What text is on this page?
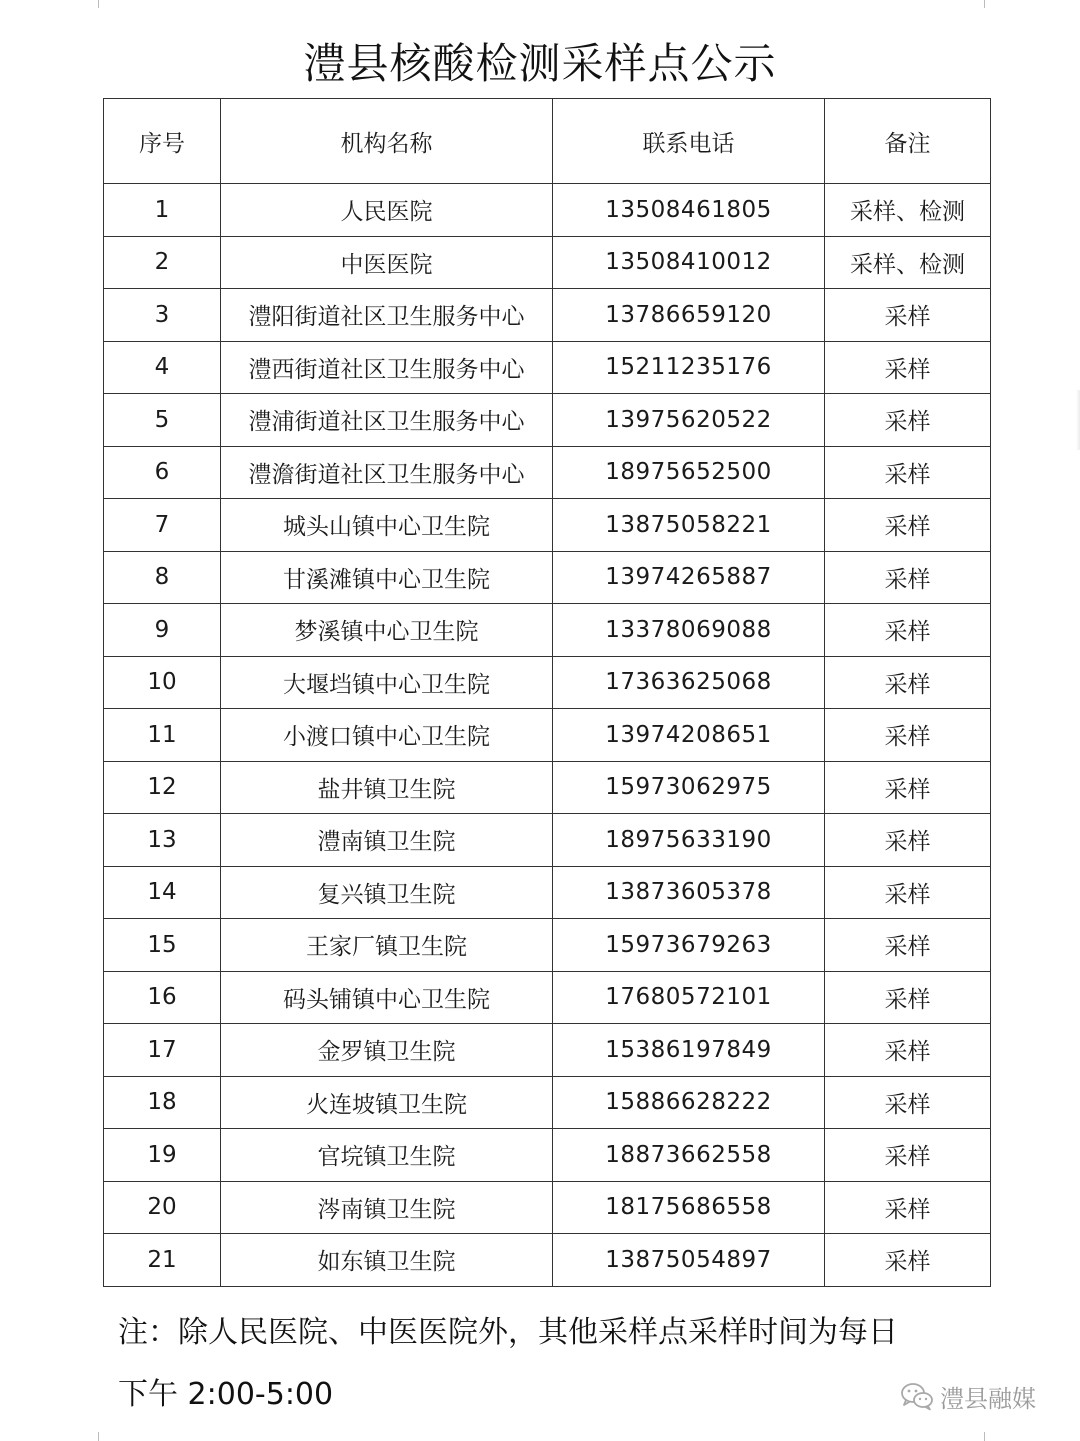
澧县核酸检测采样点公示
序号	机构名称	联系电话	备注
1	人民医院	13508461805	采样、检测
2	中医医院	13508410012	采样、检测
3	澧阳街道社区卫生服务中心	13786659120	采样
4	澧西街道社区卫生服务中心	15211235176	采样
5	澧浦街道社区卫生服务中心	13975620522	采样
6	澧澹街道社区卫生服务中心	18975652500	采样
7	城头山镇中心卫生院	13875058221	采样
8	甘溪滩镇中心卫生院	13974265887	采样
9	梦溪镇中心卫生院	13378069088	采样
10	大堰垱镇中心卫生院	17363625068	采样
11	小渡口镇中心卫生院	13974208651	采样
12	盐井镇卫生院	15973062975	采样
13	澧南镇卫生院	18975633190	采样
14	复兴镇卫生院	13873605378	采样
15	王家厂镇卫生院	15973679263	采样
16	码头铺镇中心卫生院	17680572101	采样
17	金罗镇卫生院	15386197849	采样
18	火连坡镇卫生院	15886628222	采样
19	官垸镇卫生院	18873662558	采样
20	涔南镇卫生院	18175686558	采样
21	如东镇卫生院	13875054897	采样
注：除人民医院、中医医院外，其他采样点采样时间为每日
下午 2:00-5:00	澧县融媒
